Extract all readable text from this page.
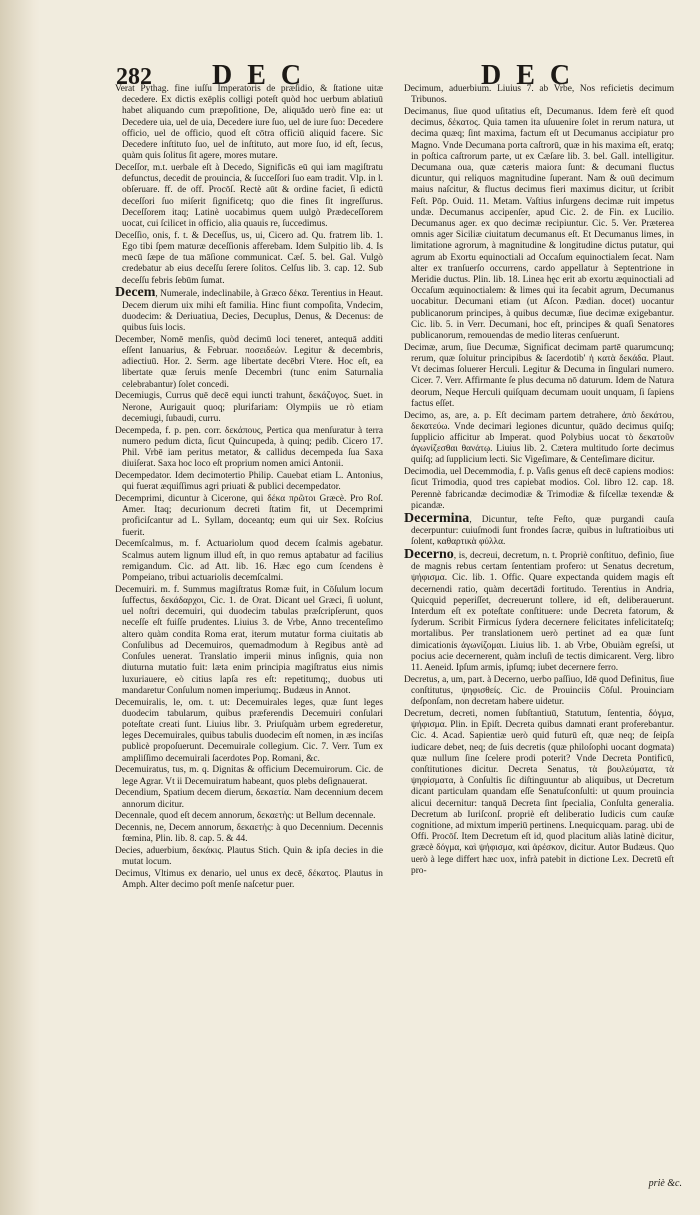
282 DEC	DEC

Verat Pythag. fine iuſſu Imperatoris de præſidio, & ſtatione uitæ decedere. Ex dictis exēplis colligi poteſt quòd hoc uerbum ablatiuū habet aliquando cum præpoſitione, De, aliquādo uerò fine ea: ut Decedere uia, uel de uia, Decedere iure ſuo, uel de iure ſuo: Decedere officio, uel de officio, quod eſt cōtra officiū aliquid facere. Sic Decedere inſtituto ſuo, uel de inſtituto, aut more ſuo, id eſt, ſecus, quàm quis ſolitus ſit agere, mores mutare.

Deceſſor, m.t. uerbale eſt à Decedo, Significās eū qui iam magiſtratu defunctus, decedit de prouincia, & ſucceſſori ſuo eam tradit. Vlp. in l. obſeruare. ff. de off. Procōſ. Rectè aūt & ordine faciet, ſi edictū deceſſori ſuo miſerit ſignificetq; quo die fines ſit ingreſſurus. Deceſſorem itaq; Latinè uocabimus quem uulgò Prædeceſſorem uocat, cui ſcilicet in officio, alia quauis re, ſuccedimus.

Deceſſio, onis, f. t. & Deceſſus, us, ui, Cicero ad. Qu. fratrem lib. 1. Ego tibi ſpem maturæ deceſſionis afferebam. Idem Sulpitio lib. 4. Is mecū ſæpe de tua māſione communicat. Cæſ. 5. bel. Gal. Vulgò credebatur ab eius deceſſu ſerere ſolitos. Celſus lib. 3. cap. 12. Sub deceſſu febris ſebūm ſumat.

Decem, Numerale, indeclinabile, à Græco δέκα. Terentius in Heaut. Decem dierum uix mihi eſt familia. Hinc fiunt compoſita, Vndecim, duodecim: & Deriuatiua, Decies, Decuplus, Denus, & Decenus: de quibus ſuis locis.

December, Nomē menſis, quòd decimū loci teneret, antequā additi eſſent Ianuarius, & Februar. ποσειδεών. Legitur & decembris, adiectiuū. Hor. 2. Serm. age libertate decēbri Vtere. Hoc eſt, ea libertate quæ ſeruis menſe Decembri (tunc enim Saturnalia celebrabantur) ſolet concedi.

Decemiugis, Currus quē decē equi iuncti trahunt, δεκάζυγος. Suet. in Nerone, Aurigauit quoq; plurifariam: Olympiis ue rò etiam decemiugi, ſubaudi, curru.

Decempeda, f. p. pen. corr. δεκάπους, Pertica qua menſuratur à terra numero pedum dicta, ſicut Quincupeda, à quinq; pedib. Cicero 17. Phil. Vrbē iam peritus metator, & callidus decempeda ſua Saxa diuiſerat. Saxa hoc loco eſt proprium nomen amici Antonii.

Decempedator. Idem decimotertio Philip. Cauebat etiam L. Antonius, qui fuerat æquiſſimus agri priuati & publici decempedator.

Decemprimi, dicuntur à Cicerone, qui δέκα πρῶτοι Græcè. Pro Roſ. Amer. Itaq; decurionum decreti ſtatim fit, ut Decemprimi proficiſcantur ad L. Syllam, doceantq; eum qui uir Sex. Roſcius fuerit.

Decemſcalmus, m. f. Actuariolum quod decem ſcalmis agebatur. Scalmus autem lignum illud eſt, in quo remus aptabatur ad facilius remigandum. Cic. ad Att. lib. 16. Hæc ego cum ſcendens è Pompeiano, tribui actuariolis decemſcalmi.

Decemuiri. m. f. Summus magiſtratus Romæ fuit, in Cōſulum locum ſuffectus, δεκάδαρχοι, Cic. 1. de Orat. Dicant uel Græci, ſi uolunt, uel noſtri decemuiri, qui duodecim tabulas præſcripſerunt, quos neceſſe eſt fuiſſe prudentes. Liuius 3. de Vrbe, Anno trecenteſimo altero quàm condita Roma erat, iterum mutatur forma ciuitatis ab Conſulibus ad Decemuiros, quemadmodum à Regibus antè ad Conſules uenerat. Translatio imperii minus inſignis, quia non diuturna mutatio fuit: læta enim principia magiſtratus eius nimis luxuriauere, eò citius lapſa res eſt: repetitumq;, duobus uti mandaretur Conſulum nomen imperiumq;. Budæus in Annot.

Decemuiralis, le, om. t. ut: Decemuirales leges, quæ ſunt leges duodecim tabularum, quibus præferendis Decemuiri conſulari poteſtate creati ſunt. Liuius libr. 3. Priuſquàm urbem egrederetur, leges Decemuirales, quibus tabulis duodecim eſt nomen, in æs inciſas publicè propoſuerunt. Decemuirale collegium. Cic. 7. Verr. Tum ex ampliſſimo decemuirali ſacerdotes Pop. Romani, &c.

Decemuiratus, tus, m. q. Dignitas & officium Decemuirorum. Cic. de lege Agrar. Vt ii Decemuiratum habeant, quos plebs deſignauerat.

Decendium, Spatium decem dierum, δεκαετία. Nam decennium decem annorum dicitur.

Decennale, quod eſt decem annorum, δεκαετὴς: ut Bellum decennale.

Decennis, ne, Decem annorum, δεκαετὴς: à quo Decennium. Decennis fœmina, Plin. lib. 8. cap. 5. & 44.

Decies, aduerbium, δεκάκις. Plautus Stich. Quin & ipſa decies in die mutat locum.

Decimus, Vltimus ex denario, uel unus ex decē, δέκατος. Plautus in Amph. Alter decimo poſt menſe naſcetur puer.

Decimum, aduerbium. Liuius 7. ab Vrbe, Nos reficietis decimum Tribunos.

Decimanus, ſiue quod uſitatius eſt, Decumanus. Idem ferè eſt quod decimus, δέκατος. Quia tamen ita uſuuenire ſolet in rerum natura, ut decima quæq; ſint maxima, factum eſt ut Decumanus accipiatur pro Magno. Vnde Decumana porta caſtrorū, quæ in his maxima eſt, eratq; in poſtica caſtrorum parte, ut ex Cæſare lib. 3. bel. Gall. intelligitur. Decumana oua, quæ cæteris maiora ſunt: & decumani fluctus dicuntur, qui reliquos magnitudine ſuperant. Nam & ouū decimum maius naſcitur, & fluctus decimus fieri maximus dicitur, ut ſcribit Feſt. Pōp. Ouid. 11. Metam. Vaſtius inſurgens decimæ ruit impetus undæ. Decumanus accipenſer, apud Cic. 2. de Fin. ex Lucilio. Decumanus ager. ex quo decimæ recipiuntur. Cic. 5. Ver. Præterea omnis ager Siciliæ ciuitatum decumanus eſt. Et Decumanus limes, in limitatione agrorum, à magnitudine & longitudine dictus putatur, qui agrum ab Exortu equinoctiali ad Occaſum equinoctialem ſecat. Nam alter ex tranſuerſo occurrens, cardo appellatur à Septentrione in Meridie ductus. Plin. lib. 18. Linea hęc erit ab exortu æquinoctiali ad Occaſum æquinoctialem: & limes qui ita ſecabit agrum, Decumanus uocabitur. Decumani etiam (ut Aſcon. Pædian. docet) uocantur publicanorum principes, à quibus decumæ, ſiue decimæ exigebantur. Cic. lib. 5. in Verr. Decumani, hoc eſt, principes & quaſi Senatores publicanorum, remouendas de medio literas cenſuerunt.

Decimæ, arum, ſiue Decumæ, Significat decimam partē quarumcunq; rerum, quæ ſoluitur principibus & ſacerdotib' ἡ κατὰ δεκάδα. Plaut. Vt decimas ſoluerer Herculi. Legitur & Decuma in ſingulari numero. Cicer. 7. Verr. Affirmante ſe plus decuma nō daturum. Idem de Natura deorum, Neque Herculi quiſquam decumam uouit unquam, ſi ſapiens factus eſſet.

Decimo, as, are, a. p. Eſt decimam partem detrahere, ἀπὸ δεκάτου, δεκατεύω. Vnde decimari legiones dicuntur, quādo decimus quiſq; ſupplicio afficitur ab Imperat. quod Polybius uocat τὸ δεκατοῦν ἀγωνίζεσθαι θανάτῳ. Liuius lib. 2. Cætera multitudo ſorte decimus quiſq; ad ſupplicium lecti. Sic Vigeſimare, & Centeſimare dicitur.

Decimodia, uel Decemmodia, f. p. Vaſis genus eſt decē capiens modios: ſicut Trimodia, quod tres capiebat modios. Col. libro 12. cap. 18. Perennè fabricandæ decimodiæ & Trimodiæ & fiſcellæ texendæ & picandæ.

Decermina, Dicuntur, teſte Feſto, quæ purgandi cauſa decerpuntur: cuiuſmodi ſunt frondes ſacræ, quibus in luſtratioibus uti ſolent, καθαρτικὰ φύλλα.

Decerno, is, decreui, decretum, n. t. Propriè conſtituo, definio, ſiue de magnis rebus certam ſententiam profero: ut Senatus decretum, ψήφισμα. Cic. lib. 1. Offic. Quare expectanda quidem magis eſt decernendi ratio, quàm decertādi fortitudo. Terentius in Andria, Quicquid peperiſſet, decreuerunt tollere, id eſt, deliberauerunt. Interdum eſt ex poteſtate conſtituere: unde Decreta fatorum, & ſyderum. Scribit Firmicus ſydera decernere felicitates infelicitateſq; mortalibus. Per translationem uerò pertinet ad ea quæ ſunt dimicationis ἀγωνίζομαι. Liuius lib. 1. ab Vrbe, Obuiàm egreſsi, ut pocius acie decernerent, quàm incluſi de tectis dimicarent. Verg. libro 11. Aeneid. Ipſum armis, ipſumq; iubet decernere ferro.

Decretus, a, um, part. à Decerno, uerbo paſſiuo, Idē quod Definitus, ſiue conſtitutus, ψηφισθείς. Cic. de Prouinciis Cōſul. Prouinciam deſponſam, non decretam habere uidetur.

Decretum, decreti, nomen ſubſtantiuū, Statutum, ſententia, δόγμα, ψήφισμα. Plin. in Epiſt. Decreta quibus damnati erant proferebantur. Cic. 4. Acad. Sapientiæ uerò quid futurū eſt, quæ neq; de ſeipſa iudicare debet, neq; de ſuis decretis (quæ philoſophi uocant dogmata) quæ nullum ſine ſcelere prodi poterit? Vnde Decreta Pontificū, conſtitutiones dicitur. Decreta Senatus, τὰ βουλεύματα, τὰ ψηφίσματα, à Conſultis ſic diſtinguuntur ab aliquibus, ut Decretum dicant particulam quandam eſſe Senatuſconſulti: ut quum prouincia alicui decernitur: tanquā Decreta ſint ſpecialia, Conſulta generalia. Decretum ab Iuriſconſ. propriè eſt deliberatio Iudicis cum cauſæ cognitione, ad mixtum imperiū pertinens. Lnequicquam. parag. ubi de Offi. Procōſ. Item Decretum eſt id, quod placitum aliàs latinè dicitur, græcè δόγμα, καὶ ψήφισμα, καὶ ἀρέσκον, dicitur. Autor Budæus. Quo uerò à lege differt hæc uox, infrà patebit in dictione Lex. Decretū eſt pro-

priè &c.
